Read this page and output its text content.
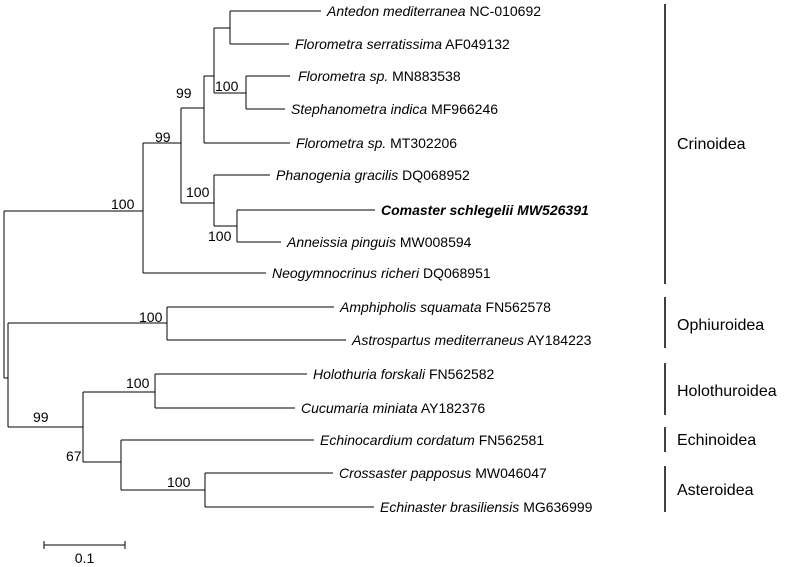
Antedon mediterranea NC-010692
Florometra serratissima AF049132
Florometra sp. MN883538
Stephanometra indica MF966246
Florometra sp. MT302206
Phanogenia gracilis DQ068952
Comaster schlegelii MW526391
Anneissia pinguis MW008594
Neogymnocrinus richeri DQ068951
Amphipholis squamata FN562578
Astrospartus mediterraneus AY184223
Holothuria forskali FN562582
Cucumaria miniata AY182376
Echinocardium cordatum FN562581
Crossaster papposus MW046047
Echinaster brasiliensis MG636999
100
99
99 100
100
100
100
100
99
67
100
Crinoidea
Ophiuroidea
Holothuroidea
Echinoidea
Asteroidea
0.1
